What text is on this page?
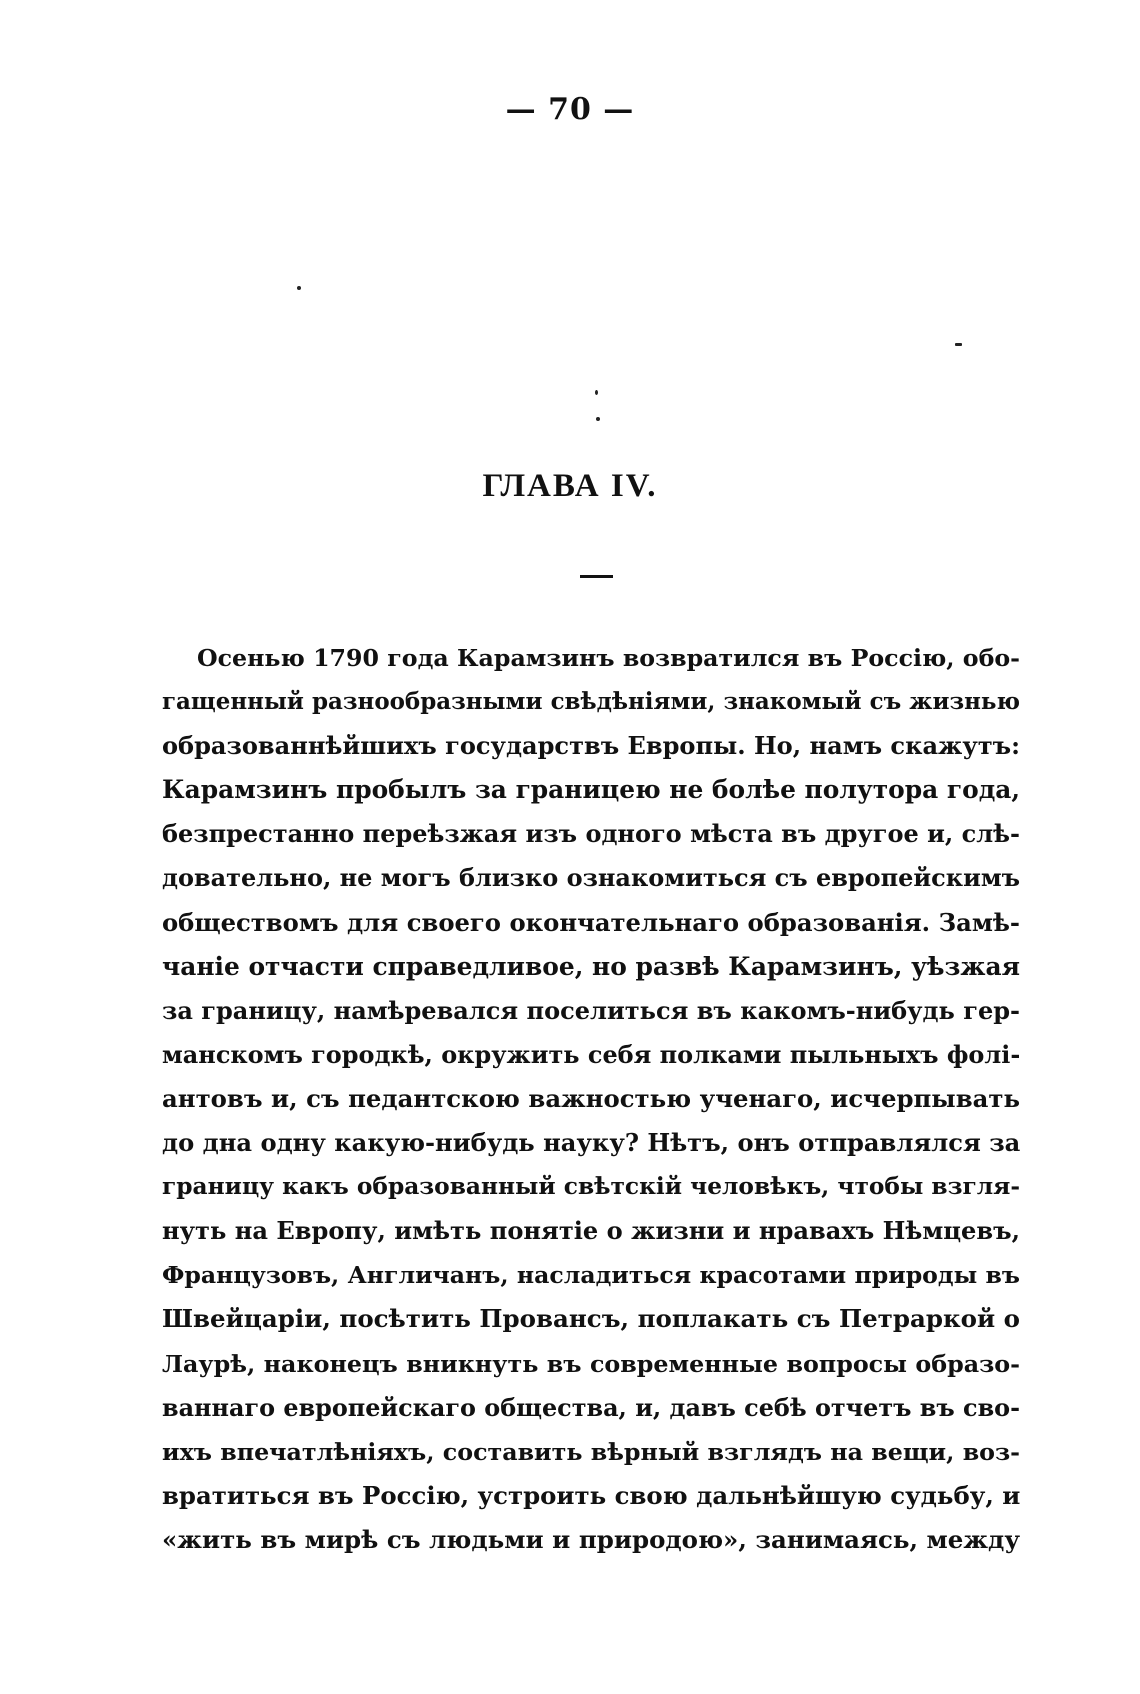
— 70 —
ГЛАВА IV.
Осенью 1790 года Карамзинъ возвратился въ Россію, обо-
гащенный разнообразными свѣдѣніями, знакомый съ жизнью
образованнѣйшихъ государствъ Европы. Но, намъ скажутъ:
Карамзинъ пробылъ за границею не болѣе полутора года,
безпрестанно переѣзжая изъ одного мѣста въ другое и, слѣ-
довательно, не могъ близко ознакомиться съ европейскимъ
обществомъ для своего окончательнаго образованія. Замѣ-
чаніе отчасти справедливое, но развѣ Карамзинъ, уѣзжая
за границу, намѣревался поселиться въ какомъ-нибудь гер-
манскомъ городкѣ, окружить себя полками пыльныхъ фолі-
антовъ и, съ педантскою важностью ученаго, исчерпывать
до дна одну какую-нибудь науку? Нѣтъ, онъ отправлялся за
границу какъ образованный свѣтскій человѣкъ, чтобы взгля-
нуть на Европу, имѣть понятіе о жизни и нравахъ Нѣмцевъ,
Французовъ, Англичанъ, насладиться красотами природы въ
Швейцаріи, посѣтить Провансъ, поплакать съ Петраркой о
Лаурѣ, наконецъ вникнуть въ современные вопросы образо-
ваннаго европейскаго общества, и, давъ себѣ отчетъ въ сво-
ихъ впечатлѣніяхъ, составить вѣрный взглядъ на вещи, воз-
вратиться въ Россію, устроить свою дальнѣйшую судьбу, и
«жить въ мирѣ съ людьми и природою», занимаясь, между
